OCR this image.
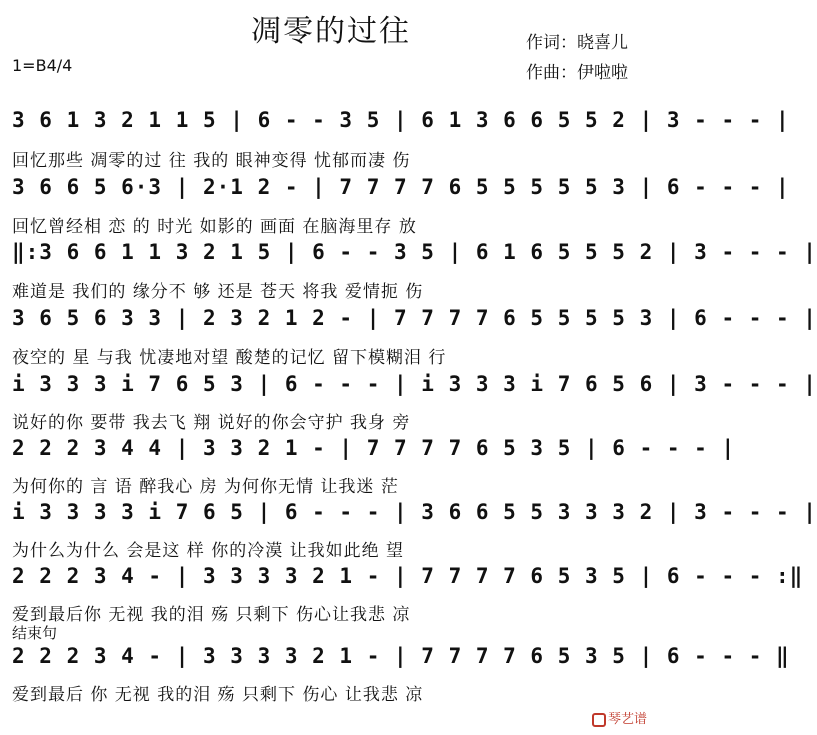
凋零的过往	作词：晓喜儿
作曲：伊啦啦
1=B4/4
3 6 1 3 2 1 1 5 | 6 - - 3 5 | 6 1 3 6 6 5 5 2 | 3 - - - |
回忆那些 凋零的过 往 我的 眼神变得 忧郁而凄 伤
3 6 6 5 6·3 | 2·1 2 - | 7 7 7 7 6 5 5 5 5 5 3 | 6 - - - |
回忆曾经相 恋 的 时光 如影的 画面 在脑海里存 放
‖:3 6 6 1 1 3 2 1 5 | 6 - - 3 5 | 6 1 6 5 5 5 2 | 3 - - - |
难道是 我们的 缘分不 够 还是 苍天 将我 爱情扼 伤
3 6 5 6 3 3 | 2 3 2 1 2 - | 7 7 7 7 6 5 5 5 5 3 | 6 - - - |
夜空的 星 与我 忧凄地对望 酸楚的记忆 留下模糊泪 行
i 3 3 3 i 7 6 5 3 | 6 - - - | i 3 3 3 i 7 6 5 6 | 3 - - - |
说好的你 要带 我去飞 翔 说好的你会守护 我身 旁
2 2 2 3 4 4 | 3 3 2 1 - | 7 7 7 7 6 5 3 5 | 6 - - - |
为何你的 言 语 醉我心 房 为何你无情 让我迷 茫
i 3 3 3 3 i 7 6 5 | 6 - - - | 3 6 6 5 5 3 3 3 2 | 3 - - - |
为什么为什么 会是这 样 你的冷漠 让我如此绝 望
2 2 2 3 4 - | 3 3 3 3 2 1 - | 7 7 7 7 6 5 3 5 | 6 - - - :‖
爱到最后你 无视 我的泪 殇 只剩下 伤心让我悲 凉
结束句
2 2 2 3 4 - | 3 3 3 3 2 1 - | 7 7 7 7 6 5 3 5 | 6 - - - ‖
爱到最后 你 无视 我的泪 殇 只剩下 伤心 让我悲 凉
琴艺谱
